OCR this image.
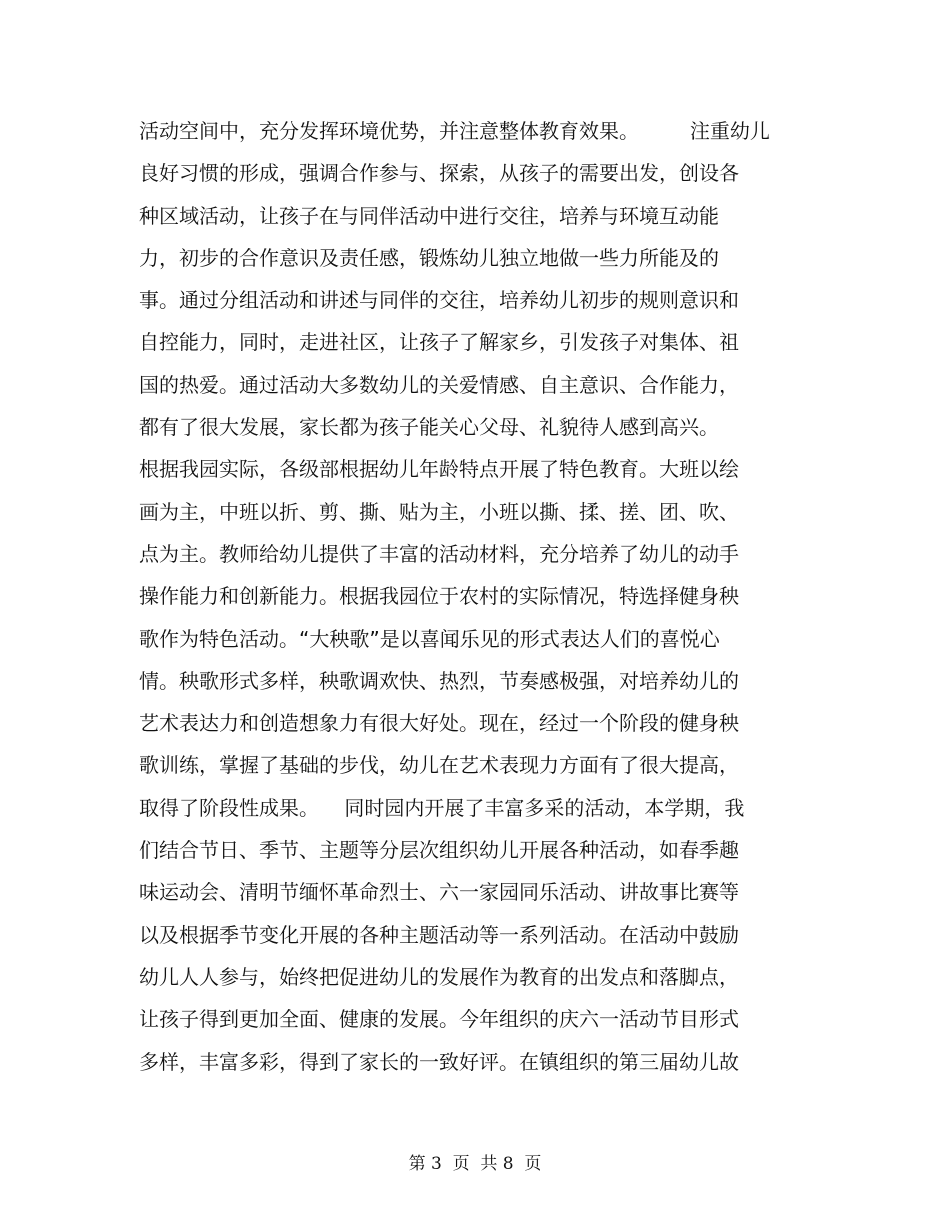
活动空间中，充分发挥环境优势，并注意整体教育效果。        注重幼儿
良好习惯的形成，强调合作参与、探索，从孩子的需要出发，创设各
种区域活动，让孩子在与同伴活动中进行交往，培养与环境互动能
力，初步的合作意识及责任感，锻炼幼儿独立地做一些力所能及的
事。通过分组活动和讲述与同伴的交往，培养幼儿初步的规则意识和
自控能力，同时，走进社区，让孩子了解家乡，引发孩子对集体、祖
国的热爱。通过活动大多数幼儿的关爱情感、自主意识、合作能力，
都有了很大发展，家长都为孩子能关心父母、礼貌待人感到高兴。
根据我园实际，各级部根据幼儿年龄特点开展了特色教育。大班以绘
画为主，中班以折、剪、撕、贴为主，小班以撕、揉、搓、团、吹、
点为主。教师给幼儿提供了丰富的活动材料，充分培养了幼儿的动手
操作能力和创新能力。根据我园位于农村的实际情况，特选择健身秧
歌作为特色活动。“大秧歌”是以喜闻乐见的形式表达人们的喜悦心
情。秧歌形式多样，秧歌调欢快、热烈，节奏感极强，对培养幼儿的
艺术表达力和创造想象力有很大好处。现在，经过一个阶段的健身秧
歌训练，掌握了基础的步伐，幼儿在艺术表现力方面有了很大提高，
取得了阶段性成果。    同时园内开展了丰富多采的活动，本学期，我
们结合节日、季节、主题等分层次组织幼儿开展各种活动，如春季趣
味运动会、清明节缅怀革命烈士、六一家园同乐活动、讲故事比赛等
以及根据季节变化开展的各种主题活动等一系列活动。在活动中鼓励
幼儿人人参与，始终把促进幼儿的发展作为教育的出发点和落脚点，
让孩子得到更加全面、健康的发展。今年组织的庆六一活动节目形式
多样，丰富多彩，得到了家长的一致好评。在镇组织的第三届幼儿故
第 3  页  共 8  页
